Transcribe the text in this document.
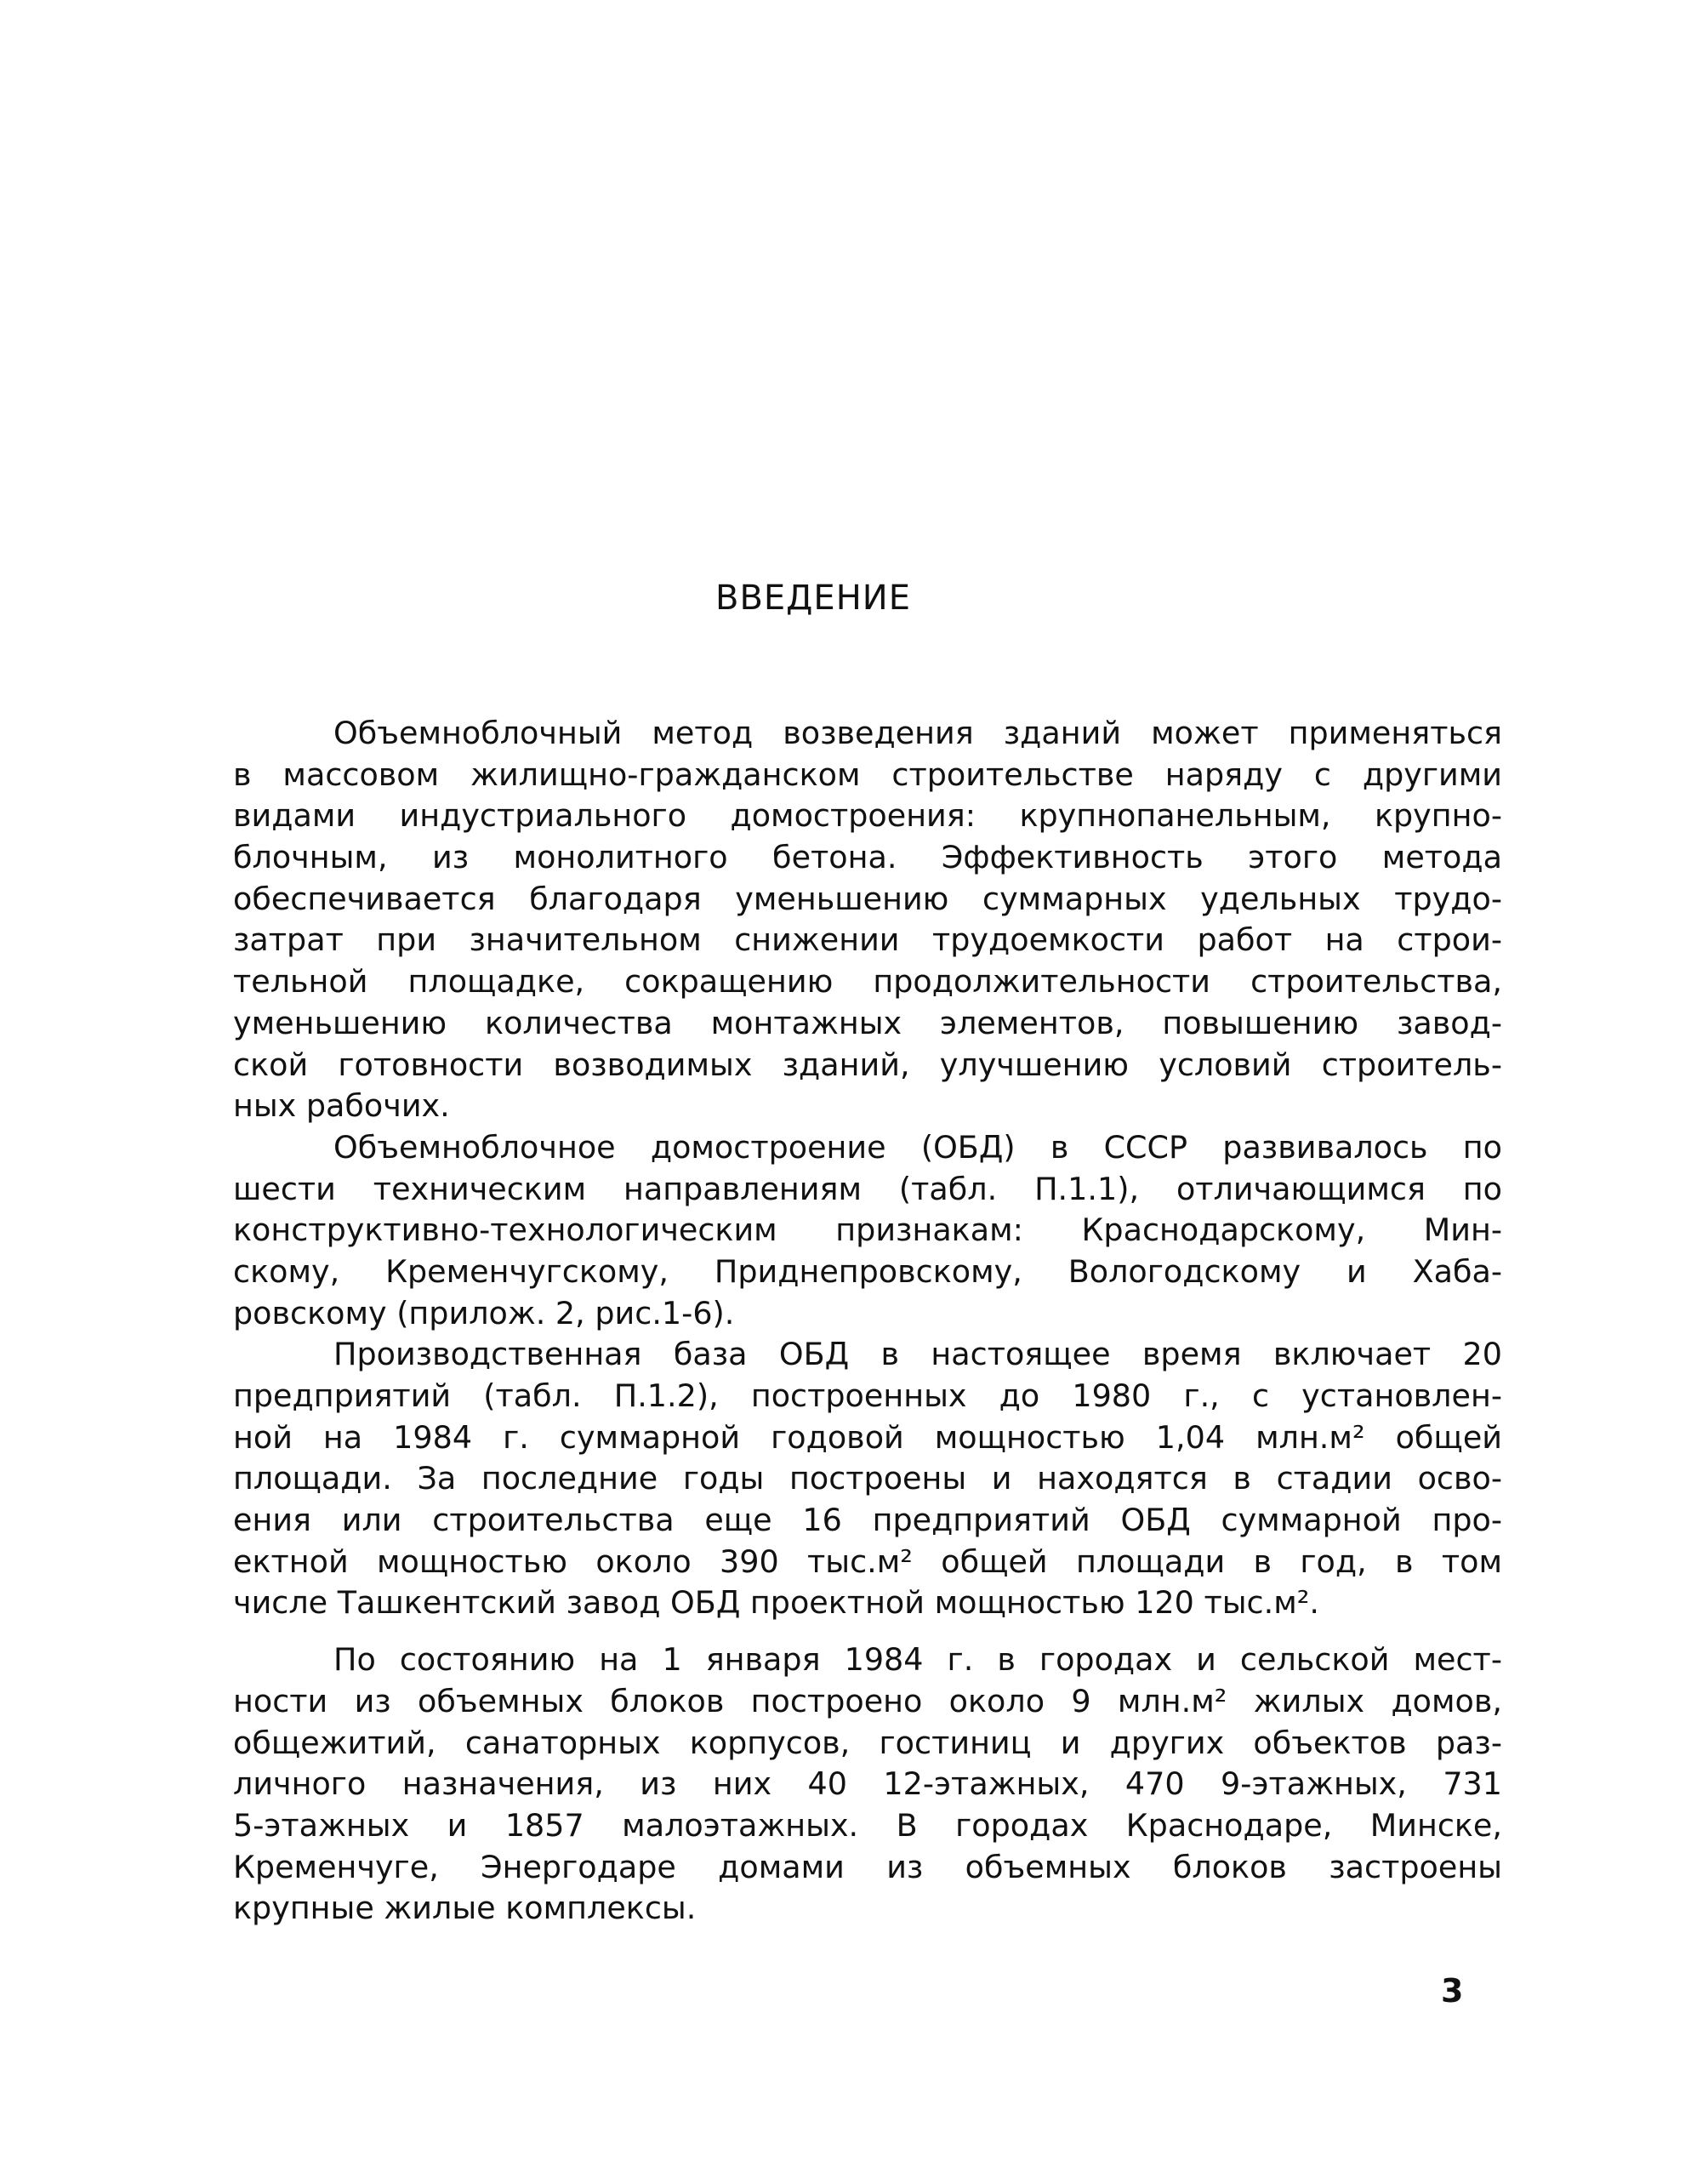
ВВЕДЕНИЕ

Объемноблочный метод возведения зданий может применяться
в массовом жилищно-гражданском строительстве наряду с другими
видами индустриального домостроения: крупнопанельным, крупно-
блочным, из монолитного бетона. Эффективность этого метода
обеспечивается благодаря уменьшению суммарных удельных трудо-
затрат при значительном снижении трудоемкости работ на строи-
тельной площадке, сокращению продолжительности строительства,
уменьшению количества монтажных элементов, повышению завод-
ской готовности возводимых зданий, улучшению условий строитель-
ных рабочих.

Объемноблочное домостроение (ОБД) в СССР развивалось по
шести техническим направлениям (табл. П.1.1), отличающимся по
конструктивно-технологическим признакам: Краснодарскому, Мин-
скому, Кременчугскому, Приднепровскому, Вологодскому и Хаба-
ровскому (прилож. 2, рис.1-6).

Производственная база ОБД в настоящее время включает 20
предприятий (табл. П.1.2), построенных до 1980 г., с установлен-
ной на 1984 г. суммарной годовой мощностью 1,04 млн.м² общей
площади. За последние годы построены и находятся в стадии осво-
ения или строительства еще 16 предприятий ОБД суммарной про-
ектной мощностью около 390 тыс.м² общей площади в год, в том
числе Ташкентский завод ОБД проектной мощностью 120 тыс.м².

По состоянию на 1 января 1984 г. в городах и сельской мест-
ности из объемных блоков построено около 9 млн.м² жилых домов,
общежитий, санаторных корпусов, гостиниц и других объектов раз-
личного назначения, из них 40 12-этажных, 470 9-этажных, 731
5-этажных и 1857 малоэтажных. В городах Краснодаре, Минске,
Кременчуге, Энергодаре домами из объемных блоков застроены
крупные жилые комплексы.

3
